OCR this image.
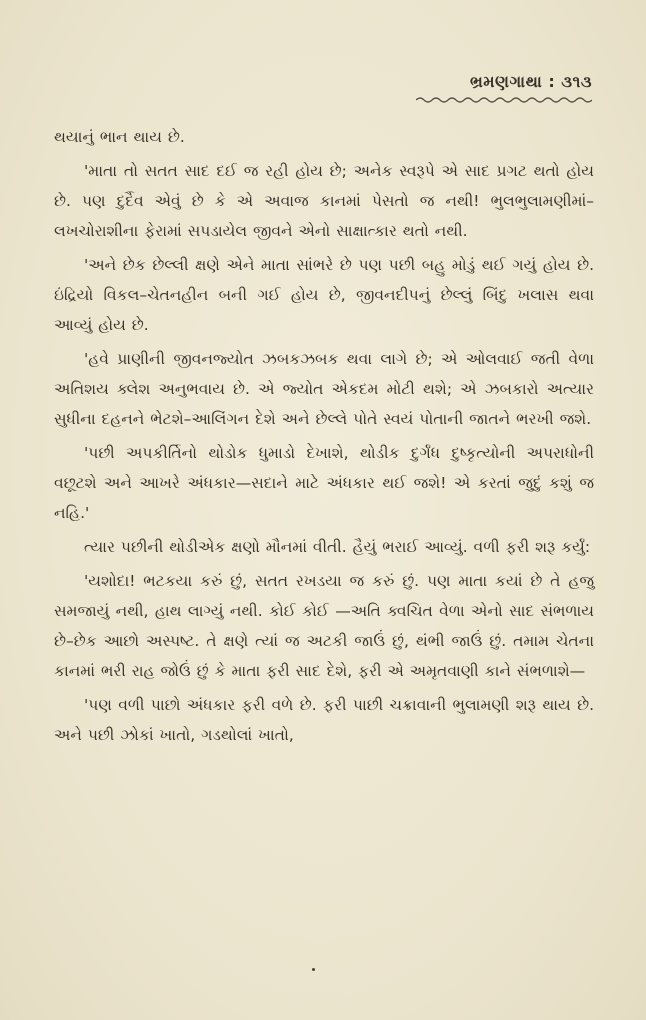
ભ્રમણગાથા : ૩૧૩

થયાનું ભાન થાય છે.

'માતા તો સતત સાદ દઈ જ રહી હોય છે; અનેક સ્વરૂપે એ સાદ પ્રગટ થતો હોય છે. પણ દુર્દૈવ એવું છે કે એ અવાજ કાનમાં પેસતો જ નથી! ભુલભુલામણીમાં–લખચોરાશીના ફેરામાં સપડાયેલ જીવને એનો સાક્ષાત્કાર થતો નથી.

'અને છેક છેલ્લી ક્ષણે એને માતા સાંભરે છે પણ પછી બહુ મોડું થઈ ગયું હોય છે. ઇંદ્રિયો વિકલ–ચેતનહીન બની ગઈ હોય છે, જીવનદીપનું છેલ્લું બિંદુ ખલાસ થવા આવ્યું હોય છે.

'હવે પ્રાણીની જીવનજ્યોત ઝબકઝબક થવા લાગે છે; એ ઓલવાઈ જતી વેળા અતિશય ક્લેશ અનુભવાય છે. એ જ્યોત એકદમ મોટી થશે; એ ઝબકારો અત્યાર સુધીના દહનને ભેટશે–આલિંગન દેશે અને છેલ્લે પોતે સ્વયં પોતાની જાતને ભરખી જશે.

'પછી અપકીર્તિનો થોડોક ધુમાડો દેખાશે, થોડીક દુર્ગંધ દુષ્કૃત્યોની અપરાધોની વછૂટશે અને આખરે અંધકાર—સદાને માટે અંધકાર થઈ જશે! એ કરતાં જુદું કશું જ નહિ.'

ત્યાર પછીની થોડીએક ક્ષણો મૌનમાં વીતી. હૈયું ભરાઈ આવ્યું. વળી ફરી શરૂ કર્યું:

'યશોદા! ભટકયા કરું છું, સતત રખડયા જ કરું છું. પણ માતા કયાં છે તે હજુ સમજાયું નથી, હાથ લાગ્યું નથી. કોઈ કોઈ —અતિ ક્વચિત વેળા એનો સાદ સંભળાય છે–છેક આછો અસ્પષ્ટ. તે ક્ષણે ત્યાં જ અટકી જાઉં છું, થંભી જાઉં છું. તમામ ચેતના કાનમાં ભરી રાહ જોઉં છું કે માતા ફરી સાદ દેશે, ફરી એ અમૃતવાણી કાને સંભળાશે—

'પણ વળી પાછો અંધકાર ફરી વળે છે. ફરી પાછી ચક્રાવાની ભુલામણી શરૂ થાય છે. અને પછી ઝોકાં ખાતો, ગડથોલાં ખાતો,
